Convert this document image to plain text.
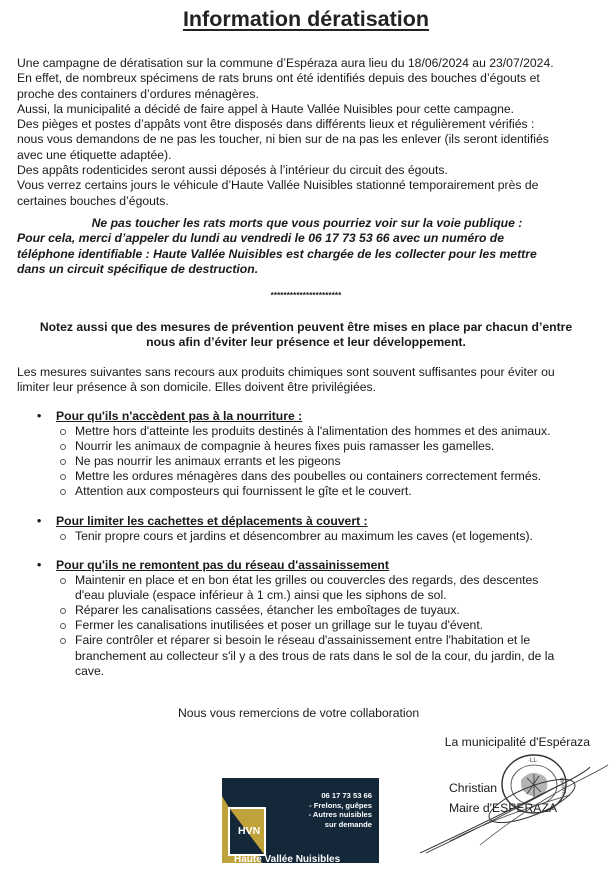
Information dératisation
Une campagne de dératisation sur la commune d’Espéraza aura lieu du 18/06/2024 au 23/07/2024.
En effet, de nombreux spécimens de rats bruns ont été identifiés depuis des bouches d’égouts et
proche des containers d’ordures ménagères.
Aussi, la municipalité a décidé de faire appel à Haute Vallée Nuisibles pour cette campagne.
Des pièges et postes d’appâts vont être disposés dans différents lieux et régulièrement vérifiés :
nous vous demandons de ne pas les toucher, ni bien sur de na pas les enlever (ils seront identifiés
avec une étiquette adaptée).
Des appâts rodenticides seront aussi déposés à l’intérieur du circuit des égouts.
Vous verrez certains jours le véhicule d’Haute Vallée Nuisibles stationné temporairement près de
certaines bouches d’égouts.
Ne pas toucher les rats morts que vous pourriez voir sur la voie publique :
Pour cela, merci d’appeler du lundi au vendredi le 06 17 73 53 66 avec un numéro de
téléphone identifiable : Haute Vallée Nuisibles est chargée de les collecter pour les mettre
dans un circuit spécifique de destruction.
**********************
Notez aussi que des mesures de prévention peuvent être mises en place par chacun d’entre
nous afin d’éviter leur présence et leur développement.
Les mesures suivantes sans recours aux produits chimiques sont souvent suffisantes pour éviter ou
limiter leur présence à son domicile. Elles doivent être privilégiées.
• Pour qu'ils n'accèdent pas à la nourriture :
Mettre hors d'atteinte les produits destinés à l'alimentation des hommes et des animaux.
Nourrir les animaux de compagnie à heures fixes puis ramasser les gamelles.
Ne pas nourrir les animaux errants et les pigeons
Mettre les ordures ménagères dans des poubelles ou containers correctement fermés.
Attention aux composteurs qui fournissent le gîte et le couvert.
• Pour limiter les cachettes et déplacements à couvert :
Tenir propre cours et jardins et désencombrer au maximum les caves (et logements).
• Pour qu'ils ne remontent pas du réseau d'assainissement
Maintenir en place et en bon état les grilles ou couvercles des regards, des descentes
d'eau pluviale (espace inférieur à 1 cm.) ainsi que les siphons de sol.
Réparer les canalisations cassées, étancher les emboîtages de tuyaux.
Fermer les canalisations inutilisées et poser un grillage sur le tuyau d'évent.
Faire contrôler et réparer si besoin le réseau d'assainissement entre l'habitation et le
branchement au collecteur s'il y a des trous de rats dans le sol de la cour, du jardin, de la
cave.
Nous vous remercions de votre collaboration
La municipalité d'Espéraza
Christian
Maire d'ESPERAZA
·LL·
MAIRIE
HVN
06 17 73 53 66
- Frelons, guêpes
- Autres nuisibles
sur demande
Haute Vallée Nuisibles
